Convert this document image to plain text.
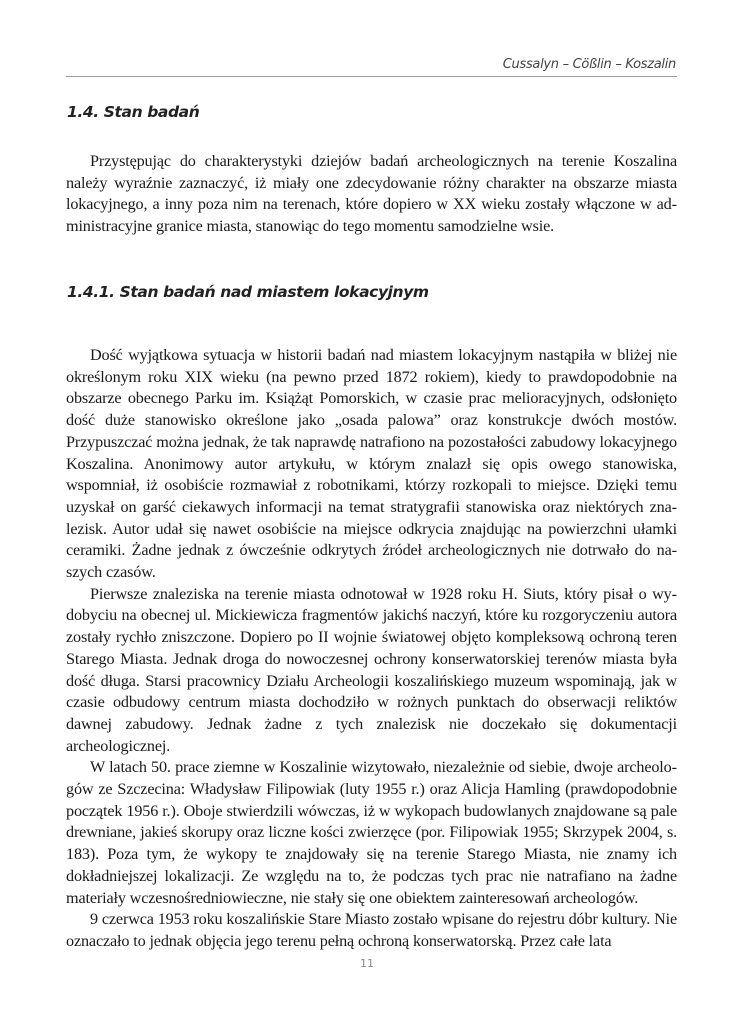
Cussalyn – Cößlin – Koszalin
1.4. Stan badań

Przystępując do charakterystyki dziejów badań archeologicznych na terenie Koszalina należy wyraźnie zaznaczyć, iż miały one zdecydowanie różny charakter na obszarze miasta lokacyjnego, a inny poza nim na terenach, które dopiero w XX wieku zostały włączone w administracyjne granice miasta, stanowiąc do tego momentu samodzielne wsie.

1.4.1. Stan badań nad miastem lokacyjnym

Dość wyjątkowa sytuacja w historii badań nad miastem lokacyjnym nastąpiła w bliżej nie określonym roku XIX wieku (na pewno przed 1872 rokiem), kiedy to prawdopodobnie na obszarze obecnego Parku im. Książąt Pomorskich, w czasie prac melioracyjnych, odsłonięto dość duże stanowisko określone jako „osada palowa” oraz konstrukcje dwóch mostów. Przypuszczać można jednak, że tak naprawdę natrafiono na pozostałości zabudowy lokacyjnego Koszalina. Anonimowy autor artykułu, w którym znalazł się opis owego stanowiska, wspomniał, iż osobiście rozmawiał z robotnikami, którzy rozkopali to miejsce. Dzięki temu uzyskał on garść ciekawych informacji na temat stratygrafii stanowiska oraz niektórych znalezisk. Autor udał się nawet osobiście na miejsce odkrycia znajdując na powierzchni ułamki ceramiki. Żadne jednak z ówcześnie odkrytych źródeł archeologicznych nie dotrwało do naszych czasów.

Pierwsze znaleziska na terenie miasta odnotował w 1928 roku H. Siuts, który pisał o wydobyciu na obecnej ul. Mickiewicza fragmentów jakichś naczyń, które ku rozgoryczeniu autora zostały rychło zniszczone. Dopiero po II wojnie światowej objęto kompleksową ochroną teren Starego Miasta. Jednak droga do nowoczesnej ochrony konserwatorskiej terenów miasta była dość długa. Starsi pracownicy Działu Archeologii koszalińskiego muzeum wspominają, jak w czasie odbudowy centrum miasta dochodziło w rożnych punktach do obserwacji reliktów dawnej zabudowy. Jednak żadne z tych znalezisk nie doczekało się dokumentacji archeologicznej.

W latach 50. prace ziemne w Koszalinie wizytowało, niezależnie od siebie, dwoje archeologów ze Szczecina: Władysław Filipowiak (luty 1955 r.) oraz Alicja Hamling (prawdopodobnie początek 1956 r.). Oboje stwierdzili wówczas, iż w wykopach budowlanych znajdowane są pale drewniane, jakieś skorupy oraz liczne kości zwierzęce (por. Filipowiak 1955; Skrzypek 2004, s. 183). Poza tym, że wykopy te znajdowały się na terenie Starego Miasta, nie znamy ich dokładniejszej lokalizacji. Ze względu na to, że podczas tych prac nie natrafiano na żadne materiały wczesnośredniowieczne, nie stały się one obiektem zainteresowań archeologów.

9 czerwca 1953 roku koszalińskie Stare Miasto zostało wpisane do rejestru dóbr kultury. Nie oznaczało to jednak objęcia jego terenu pełną ochroną konserwatorską. Przez całe lata

11
